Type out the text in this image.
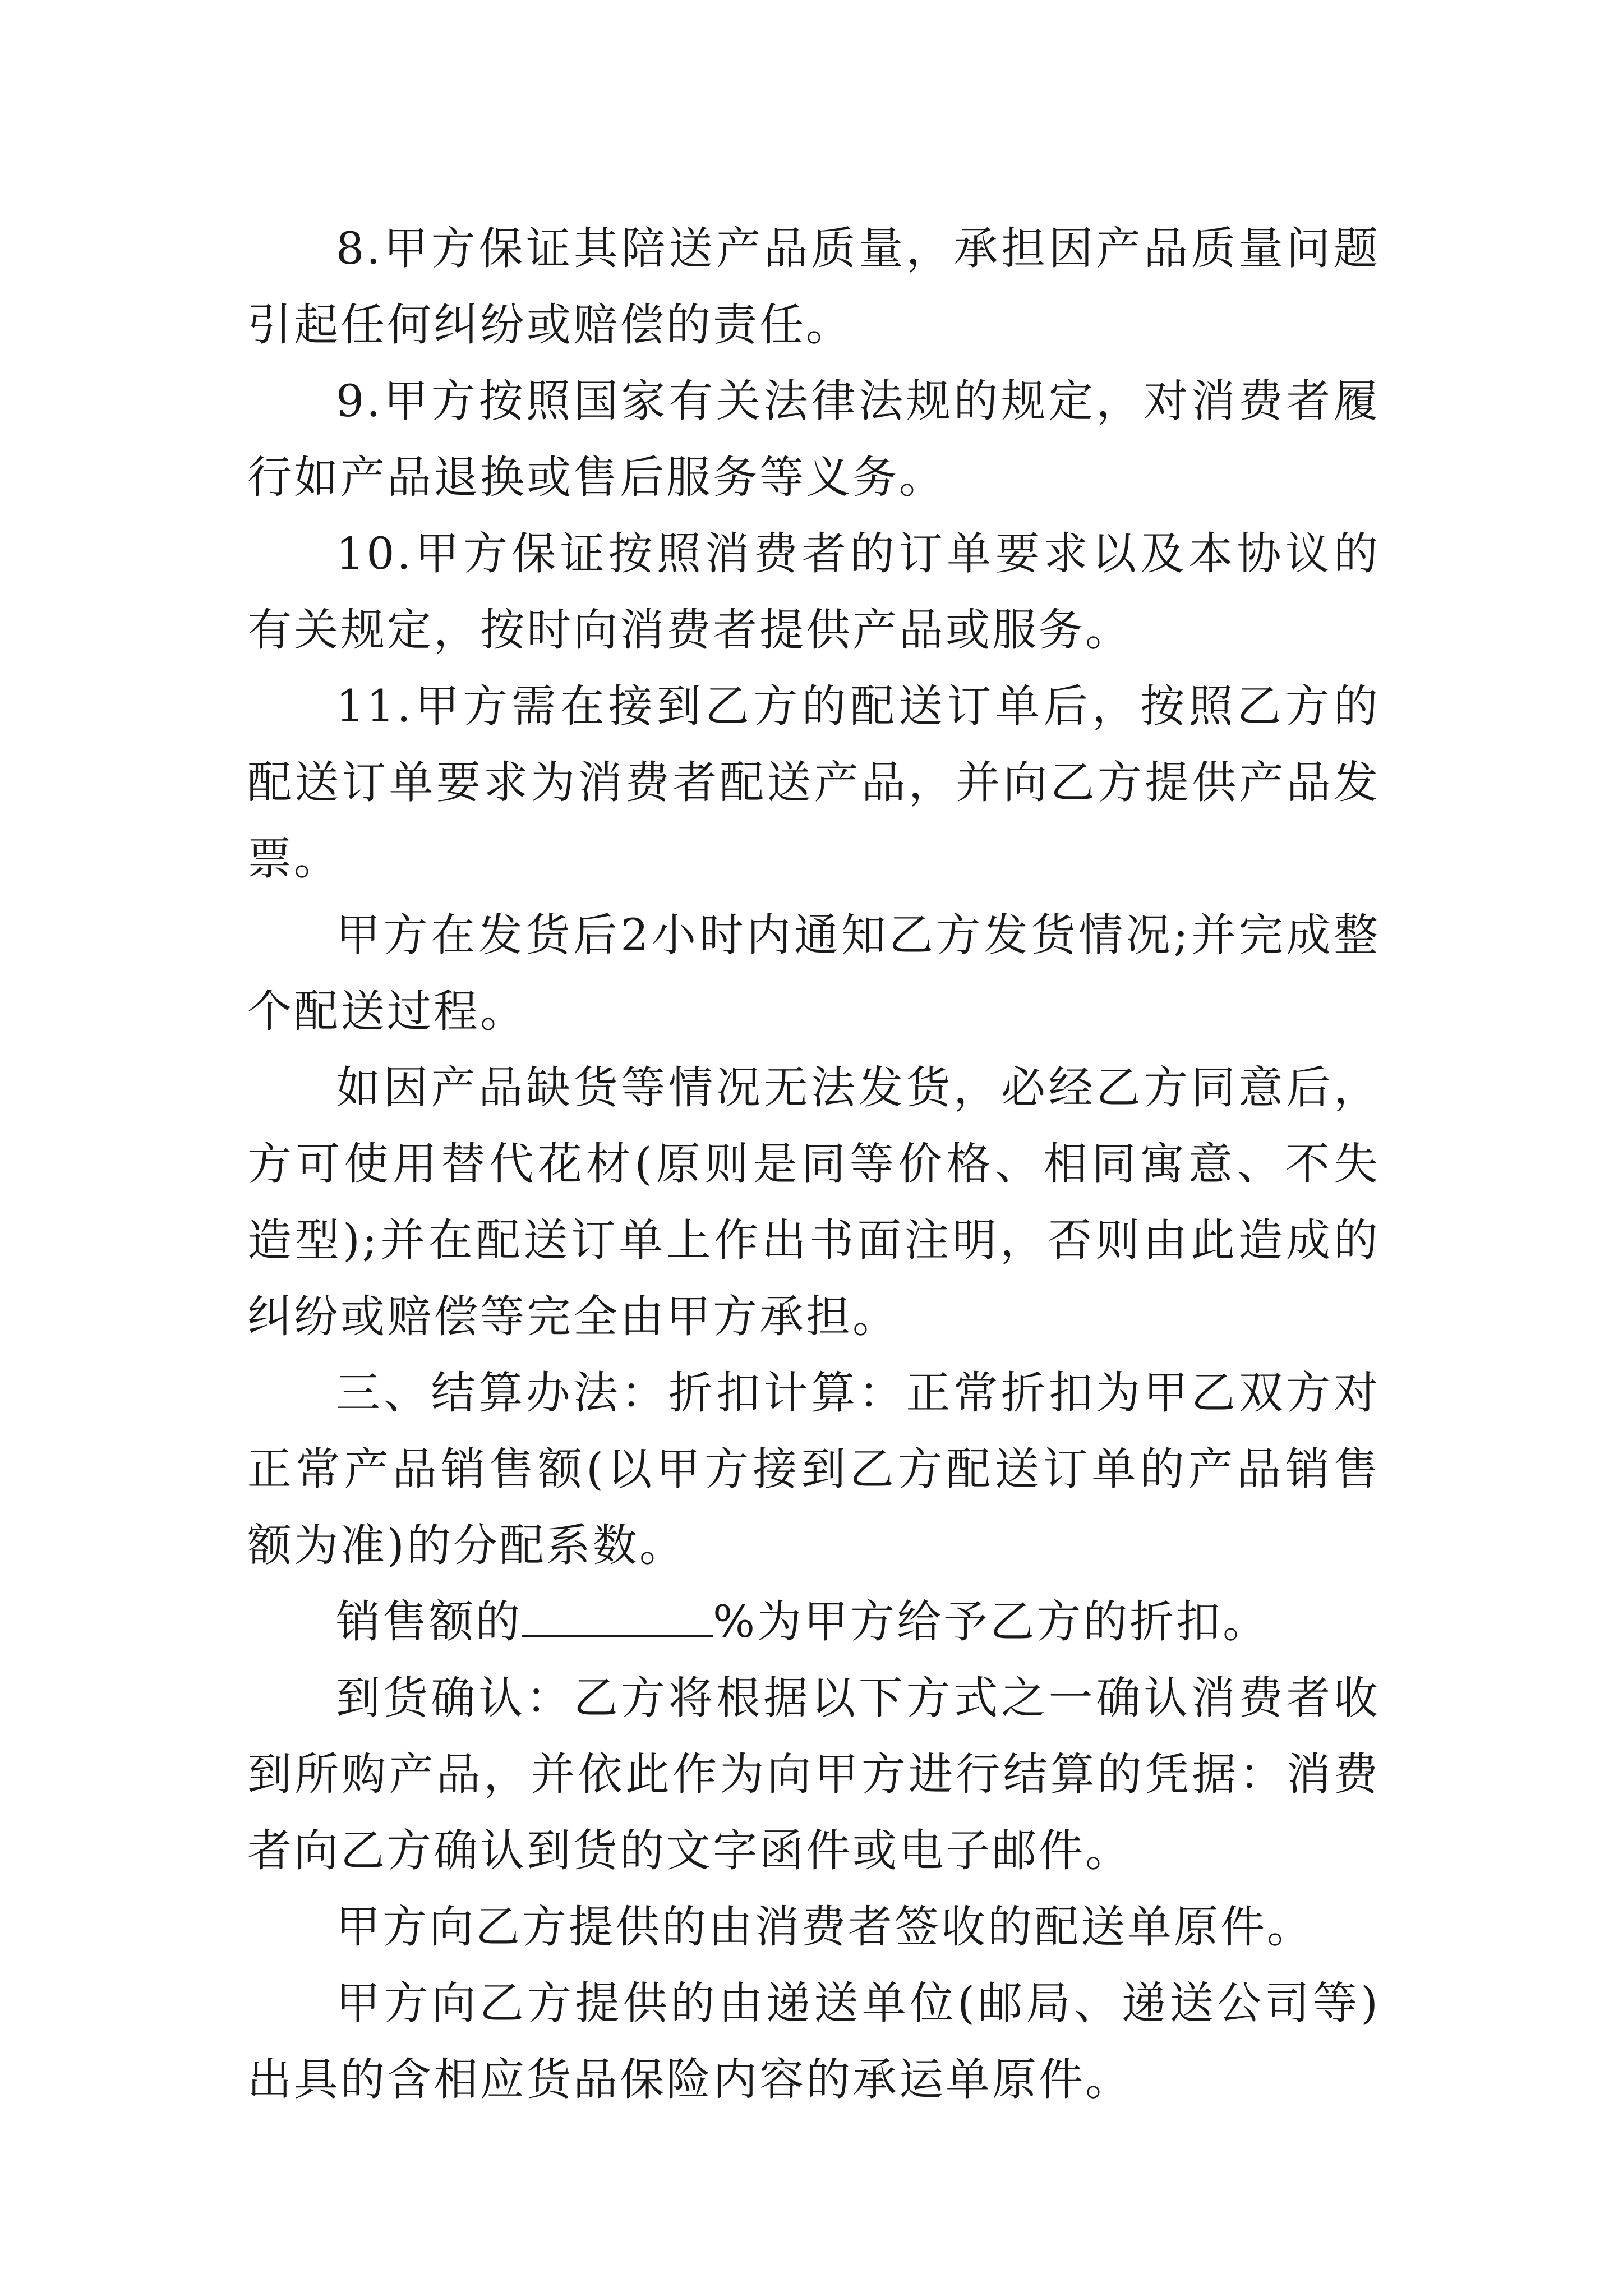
8.甲方保证其陪送产品质量，承担因产品质量问题引起任何纠纷或赔偿的责任。

9.甲方按照国家有关法律法规的规定，对消费者履行如产品退换或售后服务等义务。

10.甲方保证按照消费者的订单要求以及本协议的有关规定，按时向消费者提供产品或服务。

11.甲方需在接到乙方的配送订单后，按照乙方的配送订单要求为消费者配送产品，并向乙方提供产品发票。

甲方在发货后2小时内通知乙方发货情况;并完成整个配送过程。

如因产品缺货等情况无法发货，必经乙方同意后，方可使用替代花材(原则是同等价格、相同寓意、不失造型);并在配送订单上作出书面注明，否则由此造成的纠纷或赔偿等完全由甲方承担。

三、结算办法：折扣计算：正常折扣为甲乙双方对正常产品销售额(以甲方接到乙方配送订单的产品销售额为准)的分配系数。

销售额的	%为甲方给予乙方的折扣。

到货确认：乙方将根据以下方式之一确认消费者收到所购产品，并依此作为向甲方进行结算的凭据：消费者向乙方确认到货的文字函件或电子邮件。

甲方向乙方提供的由消费者签收的配送单原件。

甲方向乙方提供的由递送单位(邮局、递送公司等)出具的含相应货品保险内容的承运单原件。
